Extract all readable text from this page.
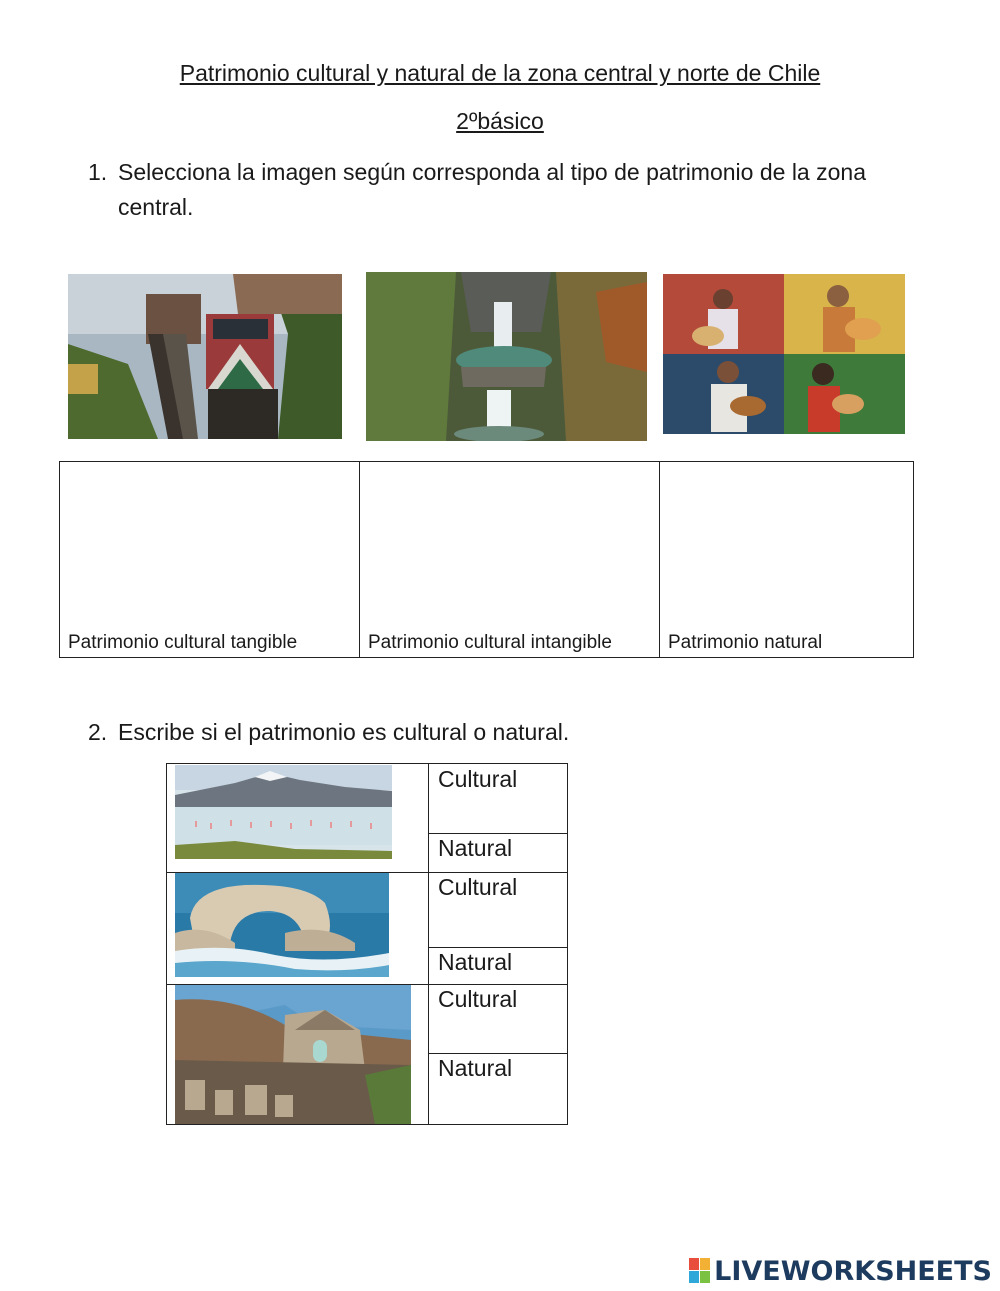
Patrimonio cultural y natural de la zona central y norte de Chile
2ºbásico
1. Selecciona la imagen según corresponda al tipo de patrimonio de la zona central.
Patrimonio cultural tangible	Patrimonio cultural intangible	Patrimonio natural
2. Escribe si el patrimonio es cultural o natural.
Cultural
Natural
Cultural
Natural
Cultural
Natural
LIVEWORKSHEETS
